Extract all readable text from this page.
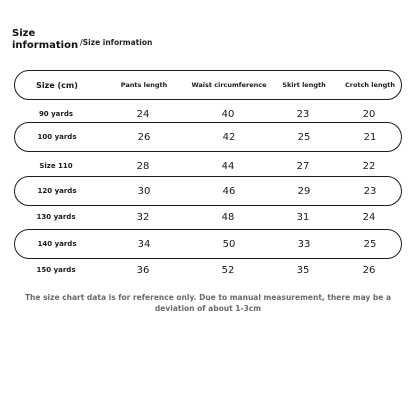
Size information /Size information
Size (cm)	Pants length	Waist circumference	Skirt length	Crotch length
90 yards	24	40	23	20
100 yards	26	42	25	21
Size 110	28	44	27	22
120 yards	30	46	29	23
130 yards	32	48	31	24
140 yards	34	50	33	25
150 yards	36	52	35	26
The size chart data is for reference only. Due to manual measurement, there may be a deviation of about 1-3cm
